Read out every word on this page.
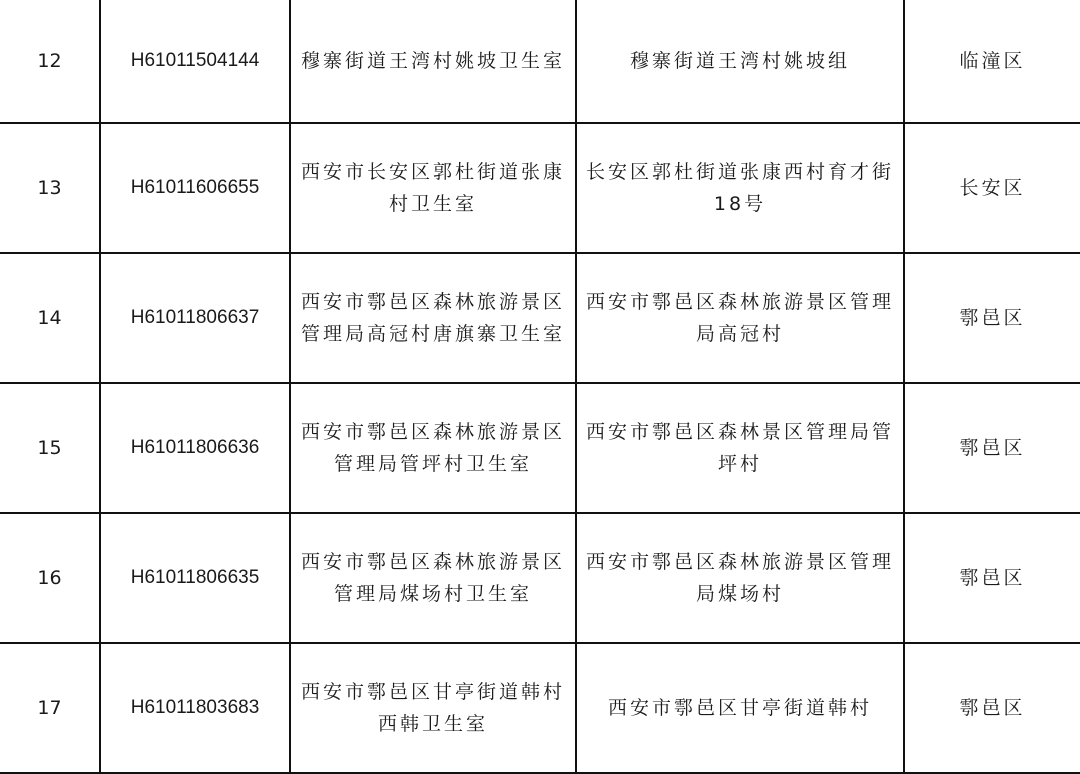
12	H61011504144	穆寨街道王湾村姚坡卫生室	穆寨街道王湾村姚坡组	临潼区
13	H61011606655	西安市长安区郭杜街道张康村卫生室	长安区郭杜街道张康西村育才街18号	长安区
14	H61011806637	西安市鄠邑区森林旅游景区管理局高冠村唐旗寨卫生室	西安市鄠邑区森林旅游景区管理局高冠村	鄠邑区
15	H61011806636	西安市鄠邑区森林旅游景区管理局管坪村卫生室	西安市鄠邑区森林景区管理局管坪村	鄠邑区
16	H61011806635	西安市鄠邑区森林旅游景区管理局煤场村卫生室	西安市鄠邑区森林旅游景区管理局煤场村	鄠邑区
17	H61011803683	西安市鄠邑区甘亭街道韩村西韩卫生室	西安市鄠邑区甘亭街道韩村	鄠邑区
